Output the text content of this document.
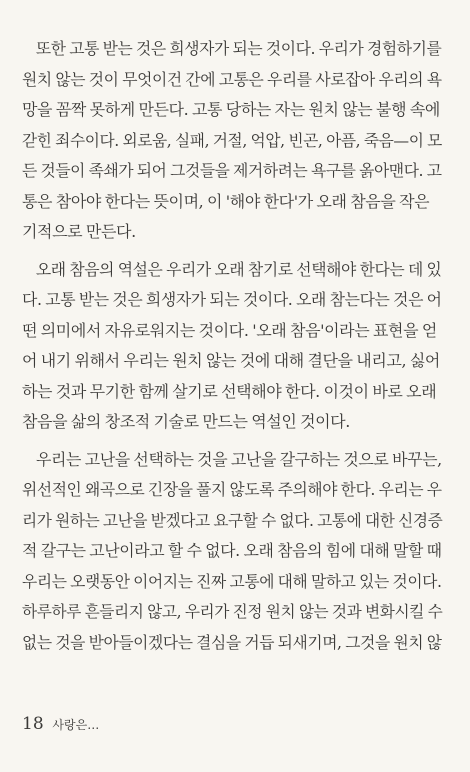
또한 고통 받는 것은 희생자가 되는 것이다. 우리가 경험하기를
원치 않는 것이 무엇이건 간에 고통은 우리를 사로잡아 우리의 욕
망을 꼼짝 못하게 만든다. 고통 당하는 자는 원치 않는 불행 속에
갇힌 죄수이다. 외로움, 실패, 거절, 억압, 빈곤, 아픔, 죽음—이 모
든 것들이 족쇄가 되어 그것들을 제거하려는 욕구를 옭아맨다. 고
통은 참아야 한다는 뜻이며, 이 '해야 한다'가 오래 참음을 작은
기적으로 만든다.
오래 참음의 역설은 우리가 오래 참기로 선택해야 한다는 데 있
다. 고통 받는 것은 희생자가 되는 것이다. 오래 참는다는 것은 어
떤 의미에서 자유로워지는 것이다. '오래 참음'이라는 표현을 얻
어 내기 위해서 우리는 원치 않는 것에 대해 결단을 내리고, 싫어
하는 것과 무기한 함께 살기로 선택해야 한다. 이것이 바로 오래
참음을 삶의 창조적 기술로 만드는 역설인 것이다.
우리는 고난을 선택하는 것을 고난을 갈구하는 것으로 바꾸는,
위선적인 왜곡으로 긴장을 풀지 않도록 주의해야 한다. 우리는 우
리가 원하는 고난을 받겠다고 요구할 수 없다. 고통에 대한 신경증
적 갈구는 고난이라고 할 수 없다. 오래 참음의 힘에 대해 말할 때
우리는 오랫동안 이어지는 진짜 고통에 대해 말하고 있는 것이다.
하루하루 흔들리지 않고, 우리가 진정 원치 않는 것과 변화시킬 수
없는 것을 받아들이겠다는 결심을 거듭 되새기며, 그것을 원치 않
18 사랑은…
